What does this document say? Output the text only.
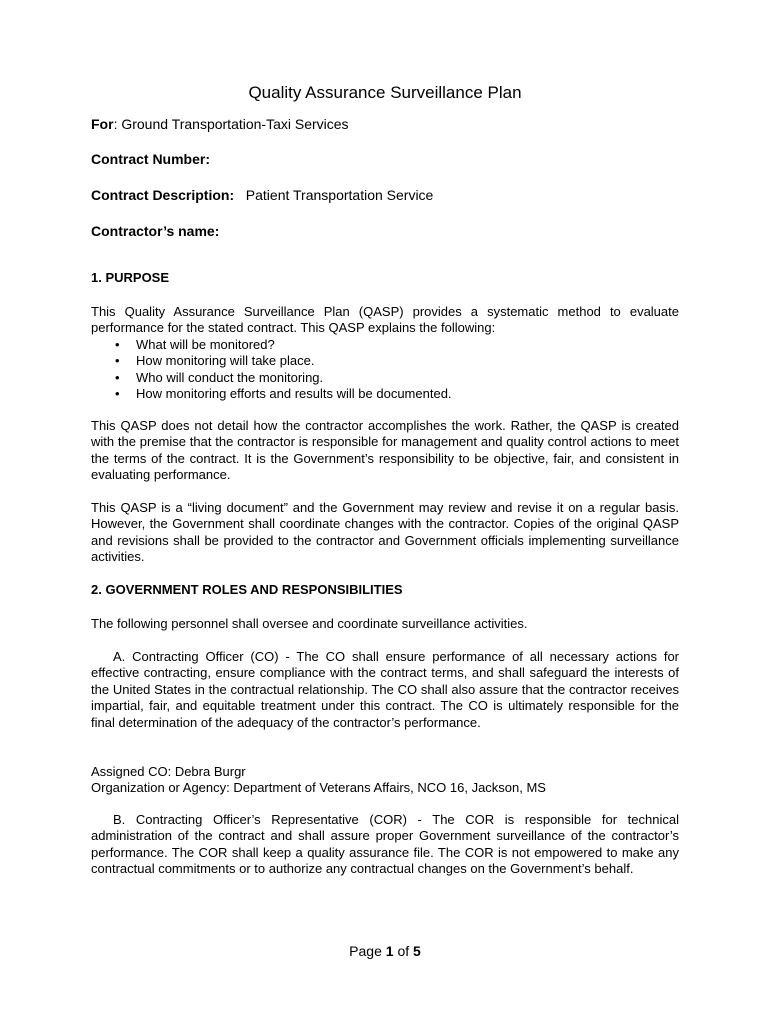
Quality Assurance Surveillance Plan
For: Ground Transportation-Taxi Services
Contract Number:
Contract Description: Patient Transportation Service
Contractor’s name:
1. PURPOSE
This Quality Assurance Surveillance Plan (QASP) provides a systematic method to evaluate performance for the stated contract. This QASP explains the following:
• What will be monitored?
• How monitoring will take place.
• Who will conduct the monitoring.
• How monitoring efforts and results will be documented.
This QASP does not detail how the contractor accomplishes the work. Rather, the QASP is created with the premise that the contractor is responsible for management and quality control actions to meet the terms of the contract. It is the Government’s responsibility to be objective, fair, and consistent in evaluating performance.
This QASP is a “living document” and the Government may review and revise it on a regular basis. However, the Government shall coordinate changes with the contractor. Copies of the original QASP and revisions shall be provided to the contractor and Government officials implementing surveillance activities.
2. GOVERNMENT ROLES AND RESPONSIBILITIES
The following personnel shall oversee and coordinate surveillance activities.
A. Contracting Officer (CO) - The CO shall ensure performance of all necessary actions for effective contracting, ensure compliance with the contract terms, and shall safeguard the interests of the United States in the contractual relationship. The CO shall also assure that the contractor receives impartial, fair, and equitable treatment under this contract. The CO is ultimately responsible for the final determination of the adequacy of the contractor’s performance.
Assigned CO: Debra Burgr
Organization or Agency: Department of Veterans Affairs, NCO 16, Jackson, MS
B. Contracting Officer’s Representative (COR) - The COR is responsible for technical administration of the contract and shall assure proper Government surveillance of the contractor’s performance. The COR shall keep a quality assurance file. The COR is not empowered to make any contractual commitments or to authorize any contractual changes on the Government’s behalf.
Page 1 of 5
